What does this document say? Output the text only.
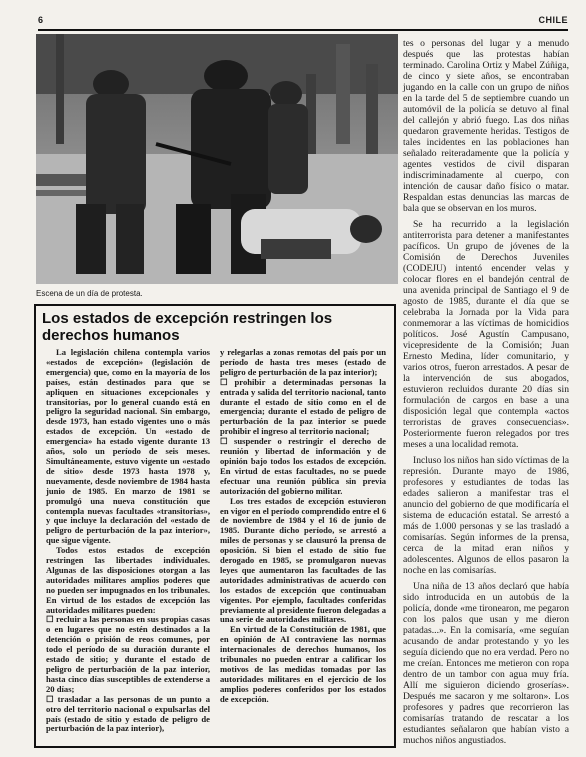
6	CHILE
Escena de un día de protesta.
Los estados de excepción restringen los derechos humanos

La legislación chilena contempla varios «estados de excepción» (legislación de emergencia) que, como en la mayoría de los países, están destinados para que se apliquen en situaciones excepcionales y transitorias, por lo general cuando está en peligro la seguridad nacional. Sin embargo, desde 1973, han estado vigentes uno o más estados de excepción. Un «estado de emergencia» ha estado vigente durante 13 años, solo un período de seis meses. Simultáneamente, estuvo vigente un «estado de sitio» desde 1973 hasta 1978 y, nuevamente, desde noviembre de 1984 hasta junio de 1985. En marzo de 1981 se promulgó una nueva constitución que contempla nuevas facultades «transitorias», y que incluye la declaración del «estado de peligro de perturbación de la paz interior», que sigue vigente.

Todos estos estados de excepción restringen las libertades individuales. Algunas de las disposiciones otorgan a las autoridades militares amplios poderes que no pueden ser impugnados en los tribunales. En virtud de los estados de excepción las autoridades militares pueden:

☐ recluir a las personas en sus propias casas o en lugares que no estén destinados a la detención o prisión de reos comunes, por todo el período de su duración durante el estado de sitio; y durante el estado de peligro de perturbación de la paz interior, hasta cinco días susceptibles de extenderse a 20 días;

☐ trasladar a las personas de un punto a otro del territorio nacional o expulsarlas del país (estado de sitio y estado de peligro de perturbación de la paz interior),

y relegarlas a zonas remotas del país por un período de hasta tres meses (estado de peligro de perturbación de la paz interior);

☐ prohibir a determinadas personas la entrada y salida del territorio nacional, tanto durante el estado de sitio como en el de emergencia; durante el estado de peligro de perturbación de la paz interior se puede prohibir el ingreso al territorio nacional;

☐ suspender o restringir el derecho de reunión y libertad de información y de opinión bajo todos los estados de excepción. En virtud de estas facultades, no se puede efectuar una reunión pública sin previa autorización del gobierno militar.

Los tres estados de excepción estuvieron en vigor en el período comprendido entre el 6 de noviembre de 1984 y el 16 de junio de 1985. Durante dicho período, se arrestó a miles de personas y se clausuró la prensa de oposición. Si bien el estado de sitio fue derogado en 1985, se promulgaron nuevas leyes que aumentaron las facultades de las autoridades administrativas de acuerdo con los estados de excepción que continuaban vigentes. Por ejemplo, facultades conferidas previamente al presidente fueron delegadas a una serie de autoridades militares.

En virtud de la Constitución de 1981, que en opinión de AI contraviene las normas internacionales de derechos humanos, los tribunales no pueden entrar a calificar los motivos de las medidas tomadas por las autoridades militares en el ejercicio de los amplios poderes conferidos por los estados de excepción.

tes o personas del lugar y a menudo después que las protestas habían terminado. Carolina Ortiz y Mabel Zúñiga, de cinco y siete años, se encontraban jugando en la calle con un grupo de niños en la tarde del 5 de septiembre cuando un automóvil de la policía se detuvo al final del callejón y abrió fuego. Las dos niñas quedaron gravemente heridas. Testigos de tales incidentes en las poblaciones han señalado reiteradamente que la policía y agentes vestidos de civil disparan indiscriminadamente al cuerpo, con intención de causar daño físico o matar. Respaldan estas denuncias las marcas de bala que se observan en los muros.

Se ha recurrido a la legislación antiterrorista para detener a manifestantes pacíficos. Un grupo de jóvenes de la Comisión de Derechos Juveniles (CODEJU) intentó encender velas y colocar flores en el bandejón central de una avenida principal de Santiago el 9 de agosto de 1985, durante el día que se celebraba la Jornada por la Vida para conmemorar a las víctimas de homicidios políticos. José Agustín Campusano, vicepresidente de la Comisión; Juan Ernesto Medina, líder comunitario, y varios otros, fueron arrestados. A pesar de la intervención de sus abogados, estuvieron recluidos durante 20 días sin formulación de cargos en base a una disposición legal que contempla «actos terroristas de graves consecuencias». Posteriormente fueron relegados por tres meses a una localidad remota.

Incluso los niños han sido víctimas de la represión. Durante mayo de 1986, profesores y estudiantes de todas las edades salieron a manifestar tras el anuncio del gobierno de que modificaría el sistema de educación estatal. Se arrestó a más de 1.000 personas y se las trasladó a comisarías. Según informes de la prensa, cerca de la mitad eran niños y adolescentes. Algunos de ellos pasaron la noche en las comisarías.

Una niña de 13 años declaró que había sido introducida en un autobús de la policía, donde «me tironearon, me pegaron con los palos que usan y me dieron patadas...». En la comisaría, «me seguían acusando de andar protestando y yo les seguía diciendo que no era verdad. Pero no me creían. Entonces me metieron con ropa dentro de un tambor con agua muy fría. Allí me siguieron diciendo groserías». Después me sacaron y me soltaron». Los profesores y padres que recorrieron las comisarías tratando de rescatar a los estudiantes señalaron que habían visto a muchos niños angustiados.
